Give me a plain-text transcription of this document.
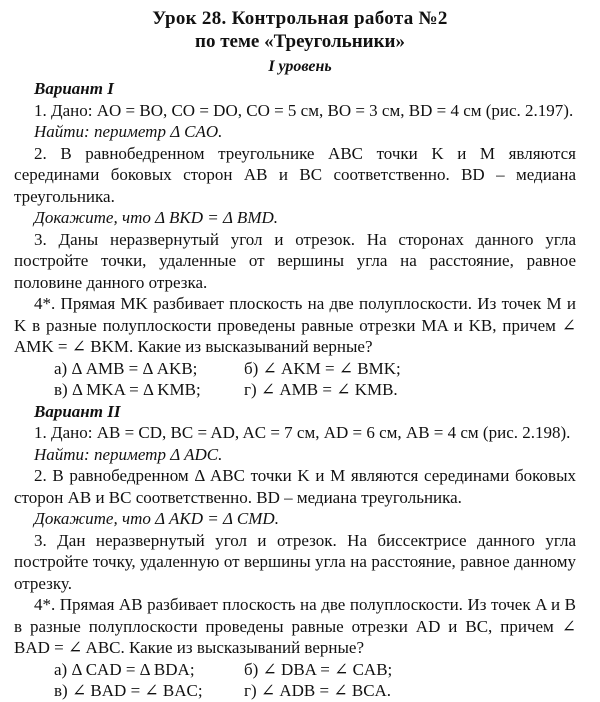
Урок 28. Контрольная работа №2
по теме «Треугольники»
I уровень
Вариант I

1. Дано: AO = BO, CO = DO, CO = 5 см, BO = 3 см, BD = 4 см (рис. 2.197).

Найти: периметр Δ CAO.

2. В равнобедренном треугольнике ABC точки K и M являются серединами боковых сторон AB и BC соответственно. BD – медиана треугольника.

Докажите, что Δ BKD = Δ BMD.

3. Даны неразвернутый угол и отрезок. На сторонах данного угла постройте точки, удаленные от вершины угла на расстояние, равное половине данного отрезка.

4*. Прямая MK разбивает плоскость на две полуплоскости. Из точек M и K в разные полуплоскости проведены равные отрезки MA и KB, причем ∠ AMK = ∠ BKM. Какие из высказываний верные?

а) Δ AMB = Δ AKB;	б) ∠ AKM = ∠ BMK;
в) Δ MKA = Δ KMB;	г) ∠ AMB = ∠ KMB.
Вариант II

1. Дано: AB = CD, BC = AD, AC = 7 см, AD = 6 см, AB = 4 см (рис. 2.198).

Найти: периметр Δ ADC.

2. В равнобедренном Δ ABC точки K и M являются серединами боковых сторон AB и BC соответственно. BD – медиана треугольника.

Докажите, что Δ AKD = Δ CMD.

3. Дан неразвернутый угол и отрезок. На биссектрисе данного угла постройте точку, удаленную от вершины угла на расстояние, равное данному отрезку.

4*. Прямая AB разбивает плоскость на две полуплоскости. Из точек A и B в разные полуплоскости проведены равные отрезки AD и BC, причем ∠ BAD = ∠ ABC. Какие из высказываний верные?

а) Δ CAD = Δ BDA;	б) ∠ DBA = ∠ CAB;
в) ∠ BAD = ∠ BAC;	г) ∠ ADB = ∠ BCA.
